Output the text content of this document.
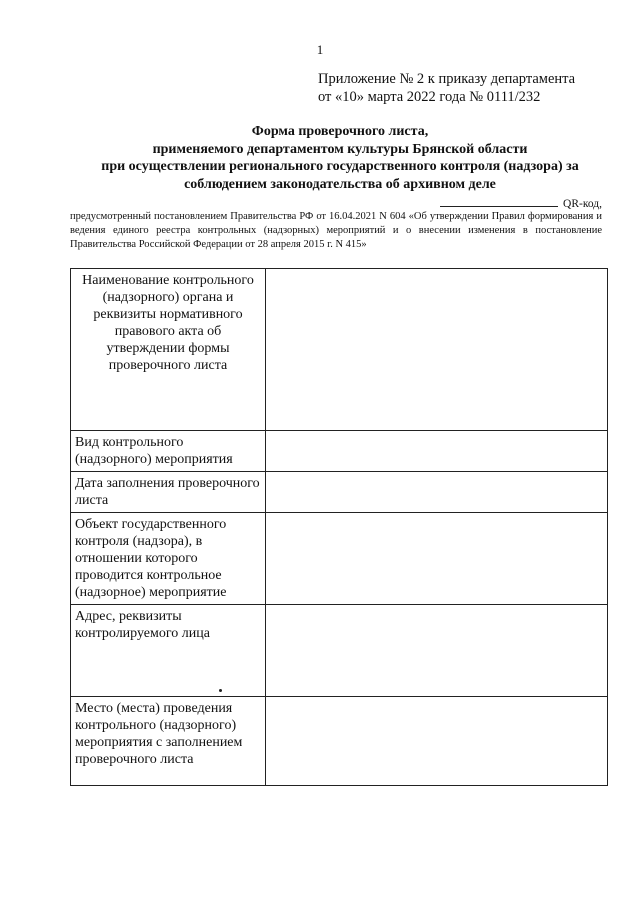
1
Приложение № 2 к приказу департамента
от «10» марта 2022 года № 0111/232
Форма проверочного листа,
применяемого департаментом культуры Брянской области
при осуществлении регионального государственного контроля (надзора) за
соблюдением законодательства об архивном деле
QR-код,
предусмотренный постановлением Правительства РФ от 16.04.2021 N 604 «Об утверждении Правил формирования и ведения единого реестра контрольных (надзорных) мероприятий и о внесении изменения в постановление Правительства Российской Федерации от 28 апреля 2015 г. N 415»
Наименование контрольного (надзорного) органа и реквизиты нормативного правового акта об утверждении формы проверочного листа	
Вид контрольного (надзорного) мероприятия	
Дата заполнения проверочного листа	
Объект государственного контроля (надзора), в отношении которого проводится контрольное (надзорное) мероприятие	
Адрес, реквизиты контролируемого лица	
Место (места) проведения контрольного (надзорного) мероприятия с заполнением проверочного листа	
